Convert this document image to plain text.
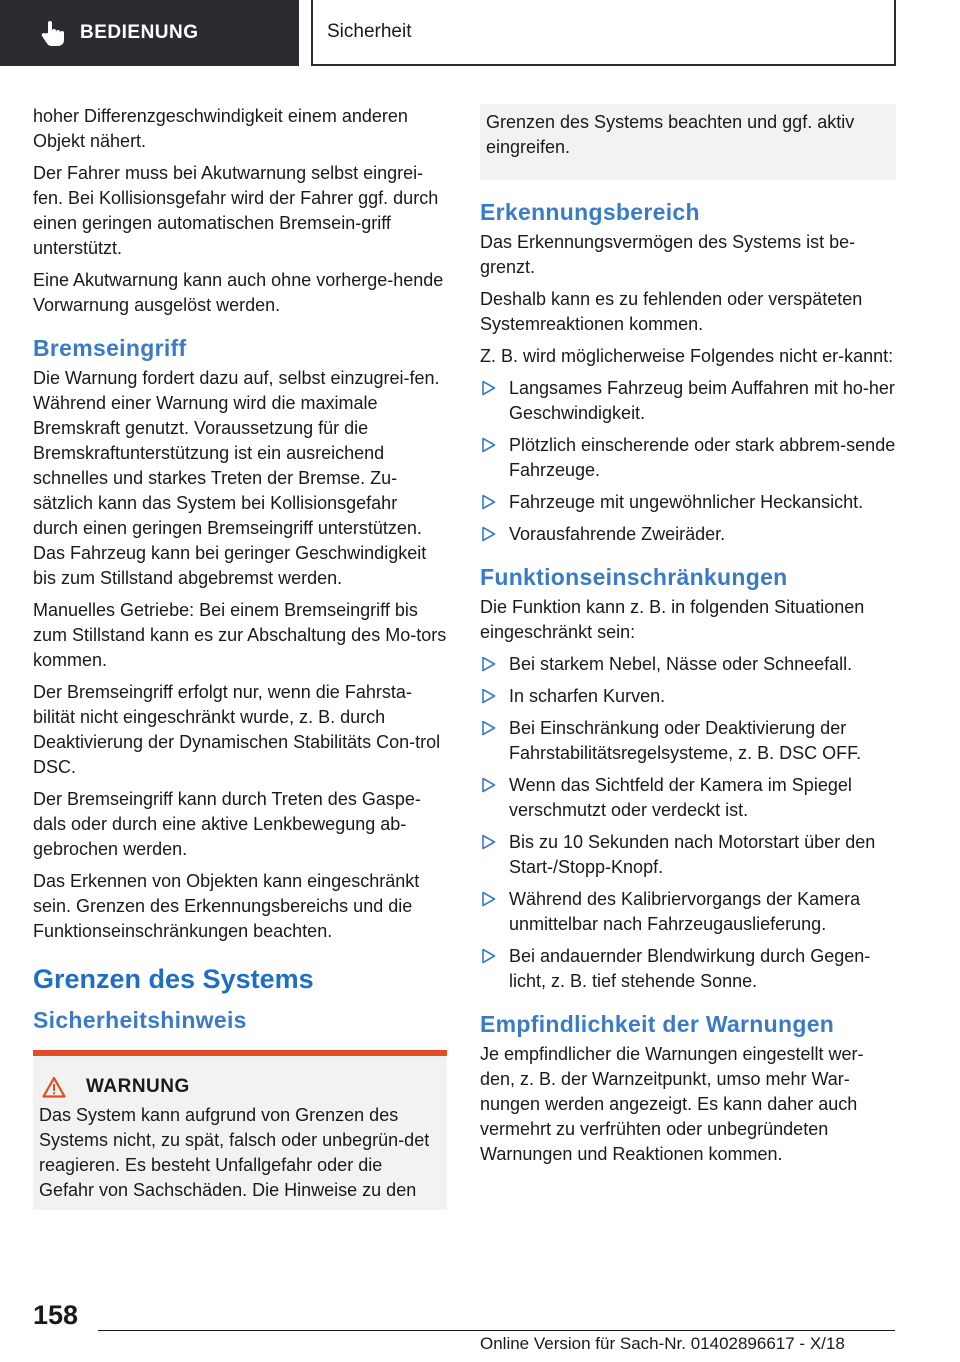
BEDIENUNG	Sicherheit

hoher Differenzgeschwindigkeit einem anderen Objekt nähert.

Der Fahrer muss bei Akutwarnung selbst eingrei‐fen. Bei Kollisionsgefahr wird der Fahrer ggf. durch einen geringen automatischen Bremsein‐griff unterstützt.

Eine Akutwarnung kann auch ohne vorherge‐hende Vorwarnung ausgelöst werden.

Bremseingriff

Die Warnung fordert dazu auf, selbst einzugrei‐fen. Während einer Warnung wird die maximale Bremskraft genutzt. Voraussetzung für die Bremskraftunterstützung ist ein ausreichend schnelles und starkes Treten der Bremse. Zu‐sätzlich kann das System bei Kollisionsgefahr durch einen geringen Bremseingriff unterstützen. Das Fahrzeug kann bei geringer Geschwindigkeit bis zum Stillstand abgebremst werden.

Manuelles Getriebe: Bei einem Bremseingriff bis zum Stillstand kann es zur Abschaltung des Mo‐tors kommen.

Der Bremseingriff erfolgt nur, wenn die Fahrsta‐bilität nicht eingeschränkt wurde, z. B. durch Deaktivierung der Dynamischen Stabilitäts Con‐trol DSC.

Der Bremseingriff kann durch Treten des Gaspe‐dals oder durch eine aktive Lenkbewegung ab‐gebrochen werden.

Das Erkennen von Objekten kann eingeschränkt sein. Grenzen des Erkennungsbereichs und die Funktionseinschränkungen beachten.

Grenzen des Systems
Sicherheitshinweis
WARNUNG

Das System kann aufgrund von Grenzen des Systems nicht, zu spät, falsch oder unbegrün‐det reagieren. Es besteht Unfallgefahr oder die Gefahr von Sachschäden. Die Hinweise zu den

Grenzen des Systems beachten und ggf. aktiv eingreifen.

Erkennungsbereich

Das Erkennungsvermögen des Systems ist be‐grenzt.

Deshalb kann es zu fehlenden oder verspäteten Systemreaktionen kommen.

Z. B. wird möglicherweise Folgendes nicht er‐kannt:

Langsames Fahrzeug beim Auffahren mit ho‐her Geschwindigkeit.
Plötzlich einscherende oder stark abbrem‐sende Fahrzeuge.
Fahrzeuge mit ungewöhnlicher Heckansicht.
Vorausfahrende Zweiräder.
Funktionseinschränkungen

Die Funktion kann z. B. in folgenden Situationen eingeschränkt sein:

Bei starkem Nebel, Nässe oder Schneefall.
In scharfen Kurven.
Bei Einschränkung oder Deaktivierung der Fahrstabilitätsregelsysteme, z. B. DSC OFF.
Wenn das Sichtfeld der Kamera im Spiegel verschmutzt oder verdeckt ist.
Bis zu 10 Sekunden nach Motorstart über den Start-/Stopp-Knopf.
Während des Kalibriervorgangs der Kamera unmittelbar nach Fahrzeugauslieferung.
Bei andauernder Blendwirkung durch Gegen‐licht, z. B. tief stehende Sonne.
Empfindlichkeit der Warnungen

Je empfindlicher die Warnungen eingestellt wer‐den, z. B. der Warnzeitpunkt, umso mehr War‐nungen werden angezeigt. Es kann daher auch vermehrt zu verfrühten oder unbegründeten Warnungen und Reaktionen kommen.

158
Online Version für Sach-Nr. 01402896617 - X/18
